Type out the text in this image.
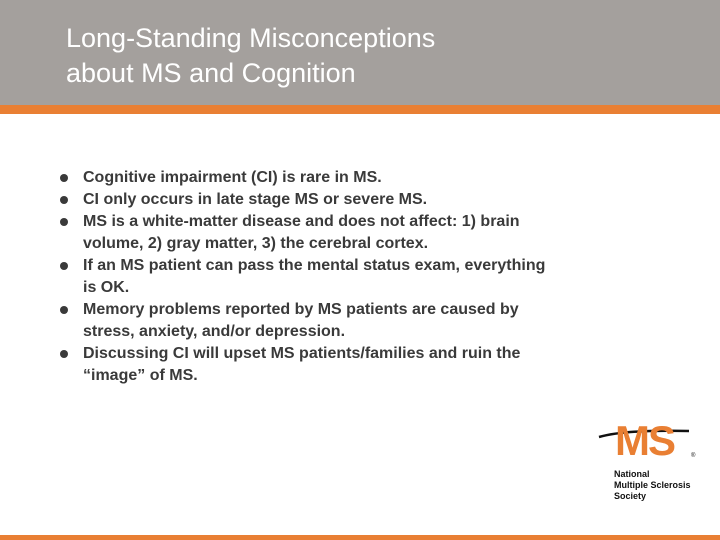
Long-Standing Misconceptions
about MS and Cognition
Cognitive impairment (CI) is rare in MS.
CI only occurs in late stage MS or severe MS.
MS is a white-matter disease and does not affect: 1) brain volume, 2) gray matter, 3) the cerebral cortex.
If an MS patient can pass the mental status exam, everything is OK.
Memory problems reported by MS patients are caused by stress, anxiety, and/or depression.
Discussing CI will upset MS patients/families and ruin the “image” of MS.
MS	®
National
Multiple Sclerosis
Society
